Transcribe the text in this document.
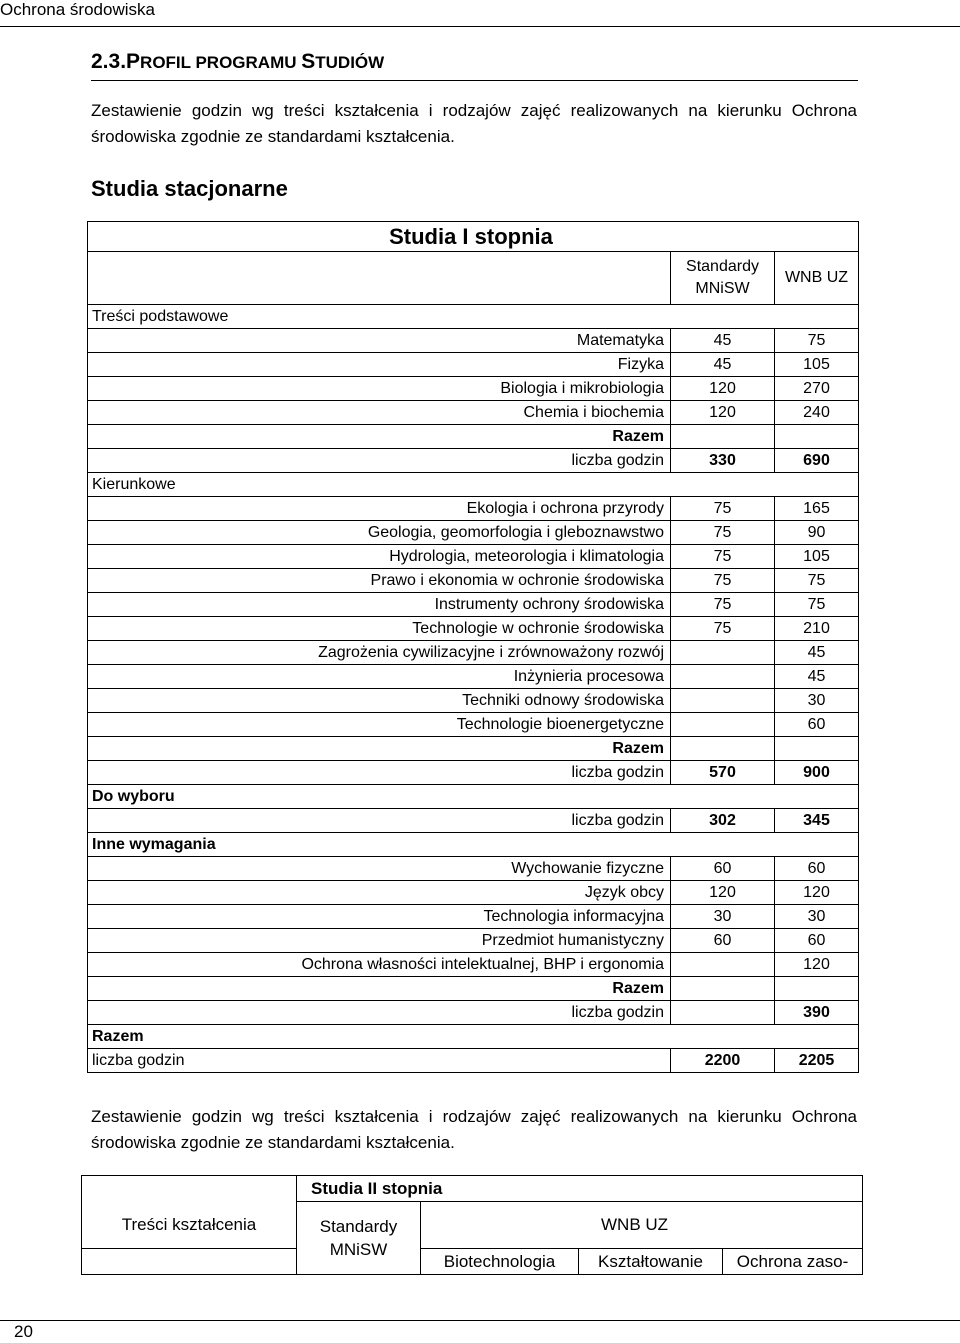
Ochrona środowiska
2.3.PROFIL PROGRAMU STUDIÓW
Zestawienie godzin wg treści kształcenia i rodzajów zajęć realizowanych na kierunku Ochrona środowiska zgodnie ze standardami kształcenia.
Studia stacjonarne
Studia I stopnia		
	Standardy MNiSW	WNB UZ
Treści podstawowe		
Matematyka	45	75
Fizyka	45	105
Biologia i mikrobiologia	120	270
Chemia i biochemia	120	240
Razem		
liczba godzin	330	690
Kierunkowe		
Ekologia i ochrona przyrody	75	165
Geologia, geomorfologia i gleboznawstwo	75	90
Hydrologia, meteorologia i klimatologia	75	105
Prawo i ekonomia w ochronie środowiska	75	75
Instrumenty ochrony środowiska	75	75
Technologie w ochronie środowiska	75	210
Zagrożenia cywilizacyjne i zrównoważony rozwój		45
Inżynieria procesowa		45
Techniki odnowy środowiska		30
Technologie bioenergetyczne		60
Razem		
liczba godzin	570	900
Do wyboru		
liczba godzin	302	345
Inne wymagania		
Wychowanie fizyczne	60	60
Język obcy	120	120
Technologia informacyjna	30	30
Przedmiot humanistyczny	60	60
Ochrona własności intelektualnej, BHP i ergonomia		120
Razem		
liczba godzin		390
Razem		
liczba godzin	2200	2205
Zestawienie godzin wg treści kształcenia i rodzajów zajęć realizowanych na kierunku Ochrona środowiska zgodnie ze standardami kształcenia.
	Studia II stopnia			
Treści kształcenia	Standardy MNiSW	WNB UZ		
		Biotechnologia	Kształtowanie	Ochrona zaso-
20
